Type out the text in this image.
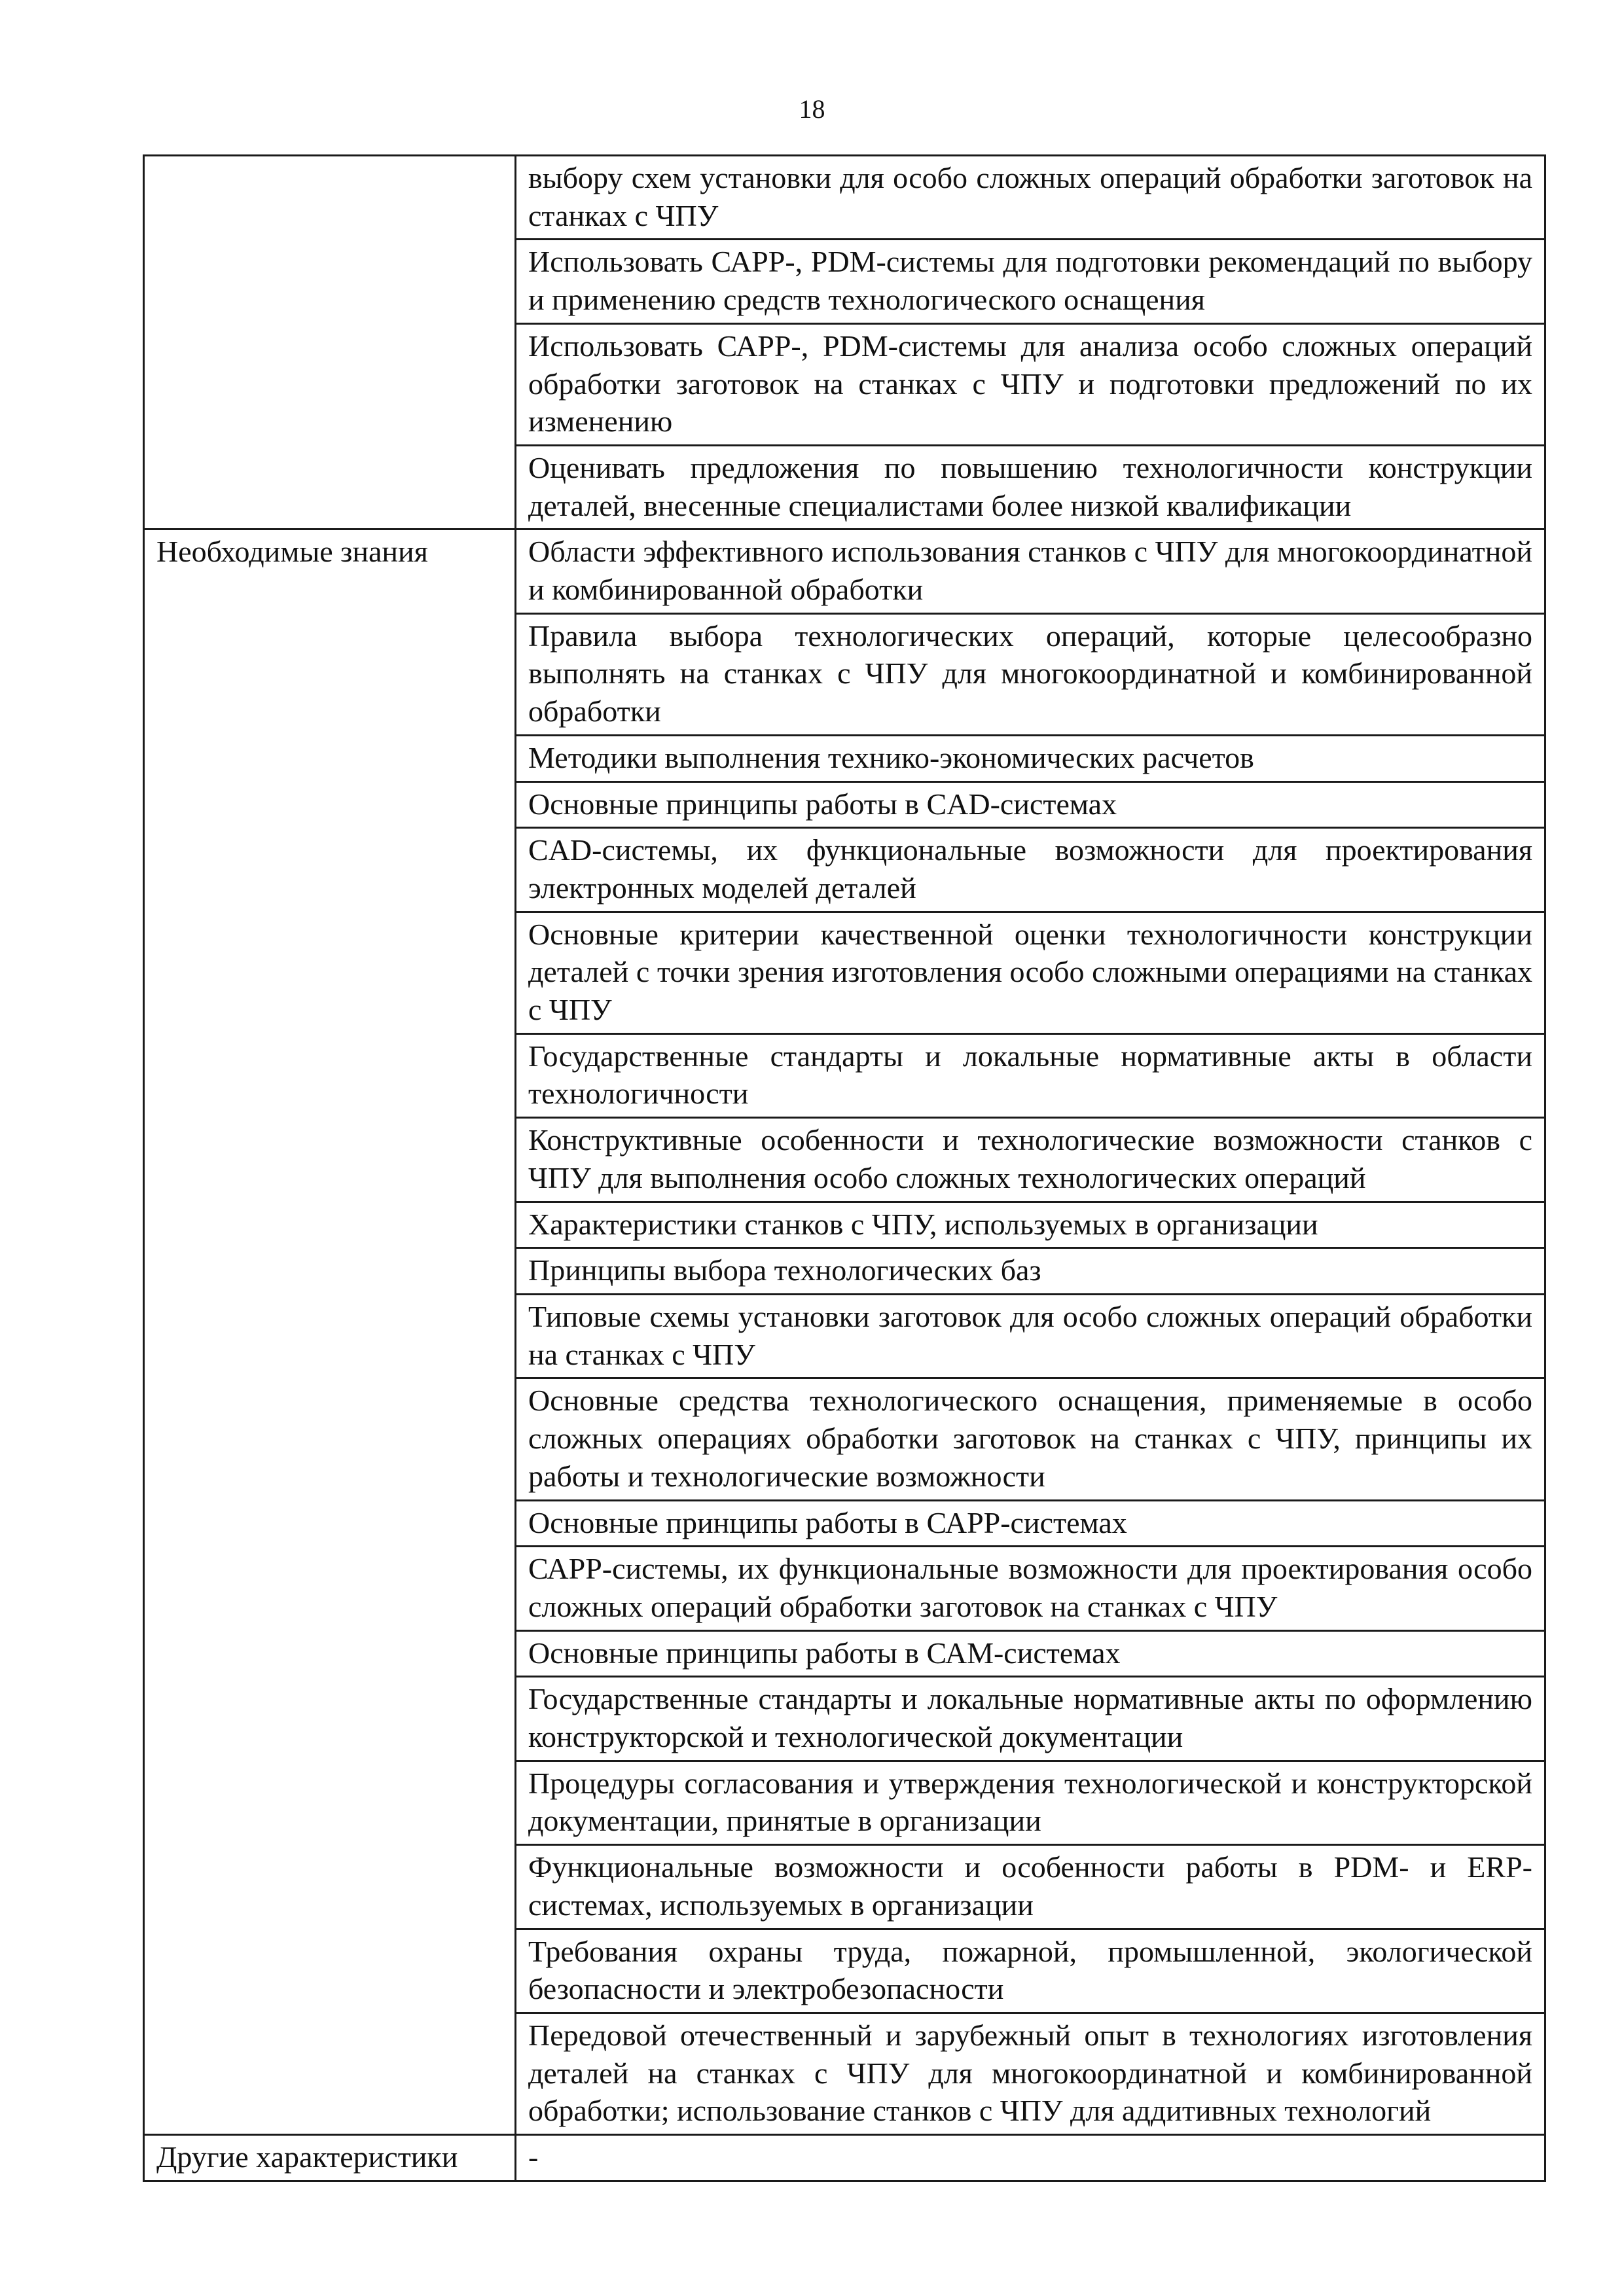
18
	выбору схем установки для особо сложных операций обработки заготовок на станках с ЧПУ
	Использовать САРР-, PDM-системы для подготовки рекомендаций по выбору и применению средств технологического оснащения
	Использовать САРР-, PDM-системы для анализа особо сложных операций обработки заготовок на станках с ЧПУ и подготовки предложений по их изменению
	Оценивать предложения по повышению технологичности конструкции деталей, внесенные специалистами более низкой квалификации
Необходимые знания	Области эффективного использования станков с ЧПУ для многокоординатной и комбинированной обработки
	Правила выбора технологических операций, которые целесообразно выполнять на станках с ЧПУ для многокоординатной и комбинированной обработки
	Методики выполнения технико-экономических расчетов
	Основные принципы работы в CAD-системах
	CAD-системы, их функциональные возможности для проектирования электронных моделей деталей
	Основные критерии качественной оценки технологичности конструкции деталей с точки зрения изготовления особо сложными операциями на станках с ЧПУ
	Государственные стандарты и локальные нормативные акты в области технологичности
	Конструктивные особенности и технологические возможности станков с ЧПУ для выполнения особо сложных технологических операций
	Характеристики станков с ЧПУ, используемых в организации
	Принципы выбора технологических баз
	Типовые схемы установки заготовок для особо сложных операций обработки на станках с ЧПУ
	Основные средства технологического оснащения, применяемые в особо сложных операциях обработки заготовок на станках с ЧПУ, принципы их работы и технологические возможности
	Основные принципы работы в САРР-системах
	САРР-системы, их функциональные возможности для проектирования особо сложных операций обработки заготовок на станках с ЧПУ
	Основные принципы работы в САМ-системах
	Государственные стандарты и локальные нормативные акты по оформлению конструкторской и технологической документации
	Процедуры согласования и утверждения технологической и конструкторской документации, принятые в организации
	Функциональные возможности и особенности работы в PDM- и ERP-системах, используемых в организации
	Требования охраны труда, пожарной, промышленной, экологической безопасности и электробезопасности
	Передовой отечественный и зарубежный опыт в технологиях изготовления деталей на станках с ЧПУ для многокоординатной и комбинированной обработки; использование станков с ЧПУ для аддитивных технологий
Другие характеристики	-
